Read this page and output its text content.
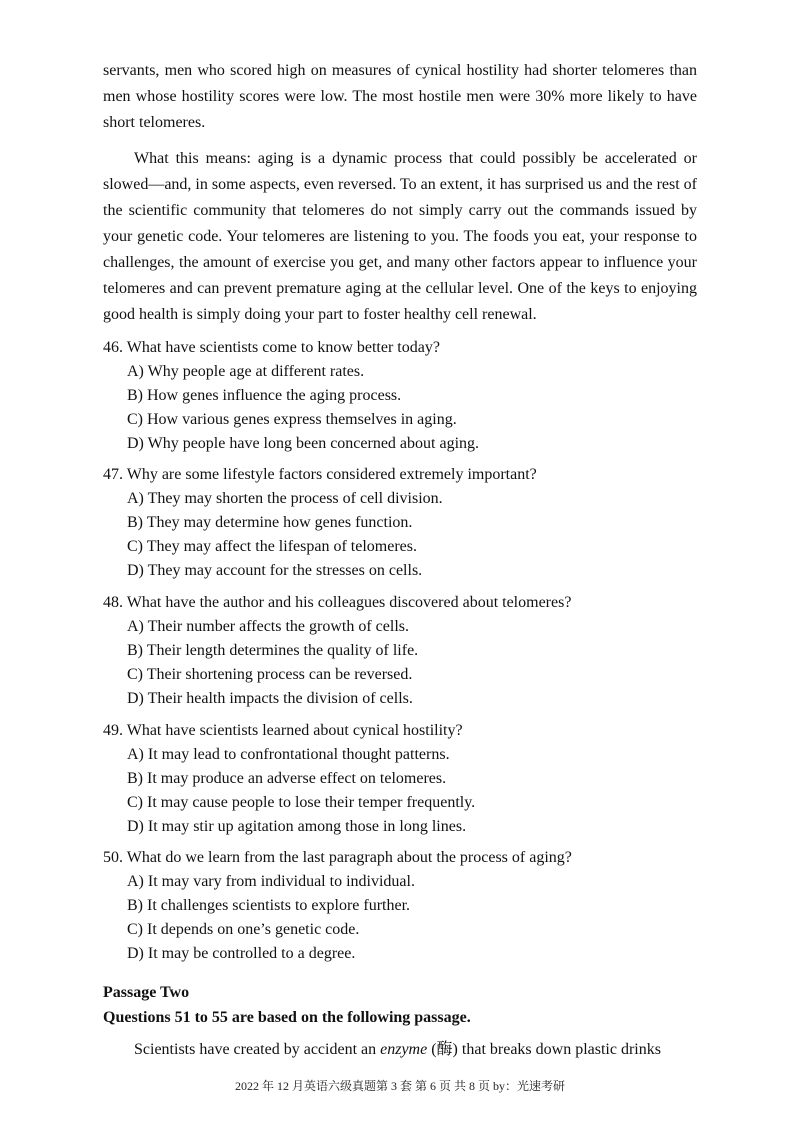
servants, men who scored high on measures of cynical hostility had shorter telomeres than men whose hostility scores were low. The most hostile men were 30% more likely to have short telomeres.

What this means: aging is a dynamic process that could possibly be accelerated or slowed—and, in some aspects, even reversed. To an extent, it has surprised us and the rest of the scientific community that telomeres do not simply carry out the commands issued by your genetic code. Your telomeres are listening to you. The foods you eat, your response to challenges, the amount of exercise you get, and many other factors appear to influence your telomeres and can prevent premature aging at the cellular level. One of the keys to enjoying good health is simply doing your part to foster healthy cell renewal.

46. What have scientists come to know better today?
A) Why people age at different rates.
B) How genes influence the aging process.
C) How various genes express themselves in aging.
D) Why people have long been concerned about aging.
47. Why are some lifestyle factors considered extremely important?
A) They may shorten the process of cell division.
B) They may determine how genes function.
C) They may affect the lifespan of telomeres.
D) They may account for the stresses on cells.
48. What have the author and his colleagues discovered about telomeres?
A) Their number affects the growth of cells.
B) Their length determines the quality of life.
C) Their shortening process can be reversed.
D) Their health impacts the division of cells.
49. What have scientists learned about cynical hostility?
A) It may lead to confrontational thought patterns.
B) It may produce an adverse effect on telomeres.
C) It may cause people to lose their temper frequently.
D) It may stir up agitation among those in long lines.
50. What do we learn from the last paragraph about the process of aging?
A) It may vary from individual to individual.
B) It challenges scientists to explore further.
C) It depends on one’s genetic code.
D) It may be controlled to a degree.
Passage Two
Questions 51 to 55 are based on the following passage.
Scientists have created by accident an enzyme (酶) that breaks down plastic drinks
2022 年 12 月英语六级真题第 3 套 第 6 页 共 8 页 by：光速考研
